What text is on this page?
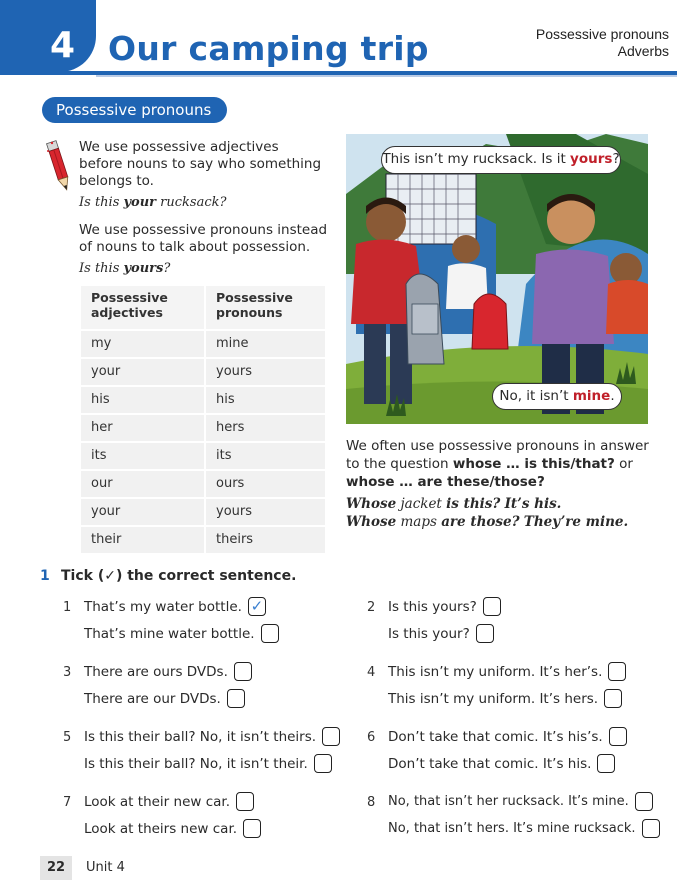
4 Our camping trip	Possessive pronouns
Adverbs
Possessive pronouns
We use possessive adjectives
before nouns to say who something
belongs to.
Is this your rucksack?
We use possessive pronouns instead
of nouns to talk about possession.
Is this yours?
Possessive adjectives	Possessive pronouns
my	mine
your	yours
his	his
her	hers
its	its
our	ours
your	yours
their	theirs
This isn’t my rucksack. Is it yours?
No, it isn’t mine.
We often use possessive pronouns in answer
to the question whose … is this/that? or
whose … are these/those?
Whose jacket is this? It’s his.
Whose maps are those? They’re mine.
1 Tick (✓) the correct sentence.
1 That’s my water bottle. ✓
That’s mine water bottle.
3 There are ours DVDs.
There are our DVDs.
5 Is this their ball? No, it isn’t theirs.
Is this their ball? No, it isn’t their.
7 Look at their new car.
Look at theirs new car.
2 Is this yours?
Is this your?
4 This isn’t my uniform. It’s her’s.
This isn’t my uniform. It’s hers.
6 Don’t take that comic. It’s his’s.
Don’t take that comic. It’s his.
8 No, that isn’t her rucksack. It’s mine.
No, that isn’t hers. It’s mine rucksack.
22	Unit 4
